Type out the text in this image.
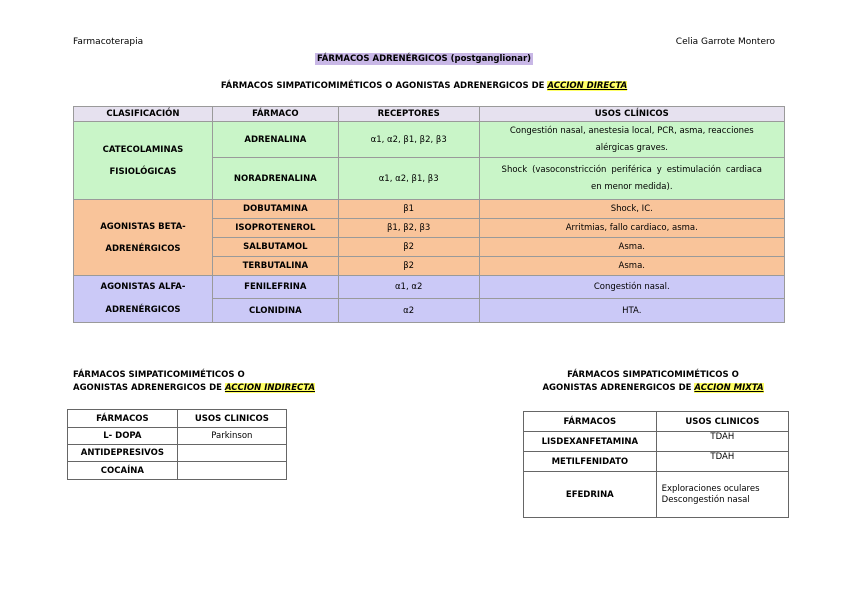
Farmacoterapia	Celia Garrote Montero
FÁRMACOS ADRENÉRGICOS (postganglionar)
FÁRMACOS SIMPATICOMIMÉTICOS O AGONISTAS ADRENERGICOS DE ACCION DIRECTA
CLASIFICACIÓN	FÁRMACO	RECEPTORES	USOS CLÍNICOS
CATECOLAMINAS FISIOLÓGICAS	ADRENALINA	α1, α2, β1, β2, β3	Congestión nasal, anestesia local, PCR, asma, reacciones alérgicas graves.
	NORADRENALINA	α1, α2, β1, β3	Shock (vasoconstricción periférica y estimulación cardiaca en menor medida).
AGONISTAS BETA-ADRENÉRGICOS	DOBUTAMINA	β1	Shock, IC.
	ISOPROTENEROL	β1, β2, β3	Arritmias, fallo cardiaco, asma.
	SALBUTAMOL	β2	Asma.
	TERBUTALINA	β2	Asma.
AGONISTAS ALFA-ADRENÉRGICOS	FENILEFRINA	α1, α2	Congestión nasal.
	CLONIDINA	α2	HTA.
FÁRMACOS SIMPATICOMIMÉTICOS O
AGONISTAS ADRENERGICOS DE ACCION INDIRECTA
FÁRMACOS	USOS CLINICOS
L- DOPA	Parkinson
ANTIDEPRESIVOS	
COCAÍNA	
FÁRMACOS SIMPATICOMIMÉTICOS O
AGONISTAS ADRENERGICOS DE ACCION MIXTA
FÁRMACOS	USOS CLINICOS
LISDEXANFETAMINA	TDAH
METILFENIDATO	TDAH
EFEDRINA	Exploraciones oculares
Descongestión nasal
